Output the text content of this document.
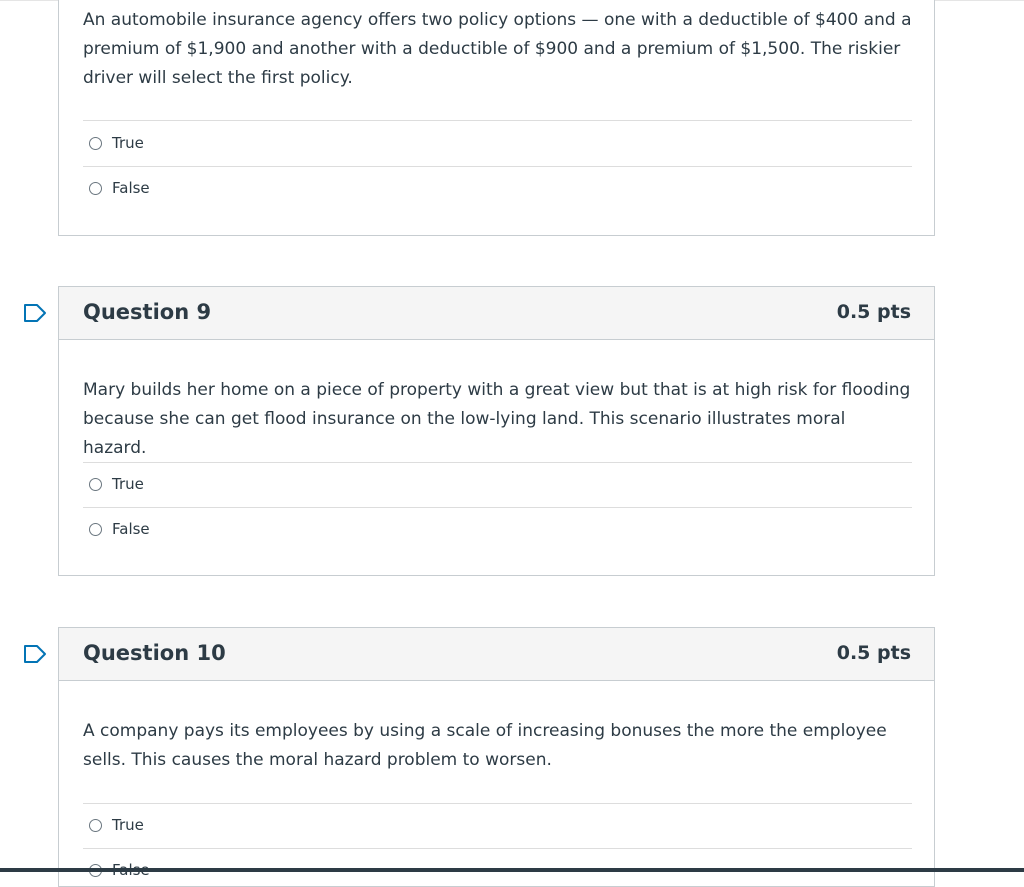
An automobile insurance agency offers two policy options — one with a deductible of $400 and a premium of $1,900 and another with a deductible of $900 and a premium of $1,500. The riskier driver will select the first policy.

True
False
Question 9	0.5 pts

Mary builds her home on a piece of property with a great view but that is at high risk for flooding because she can get flood insurance on the low-lying land. This scenario illustrates moral hazard.

True
False
Question 10	0.5 pts

A company pays its employees by using a scale of increasing bonuses the more the employee sells. This causes the moral hazard problem to worsen.

True
